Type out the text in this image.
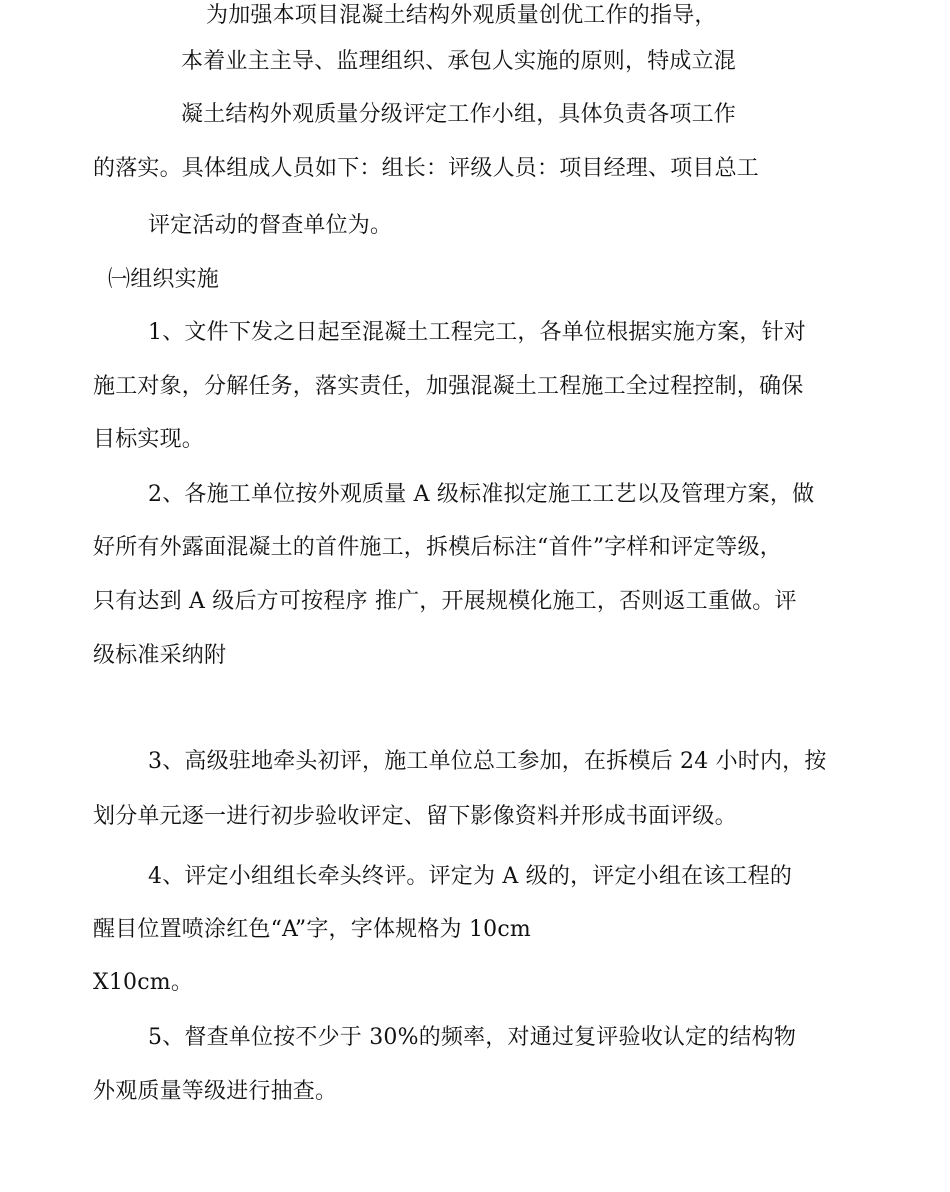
为加强本项目混凝土结构外观质量创优工作的指导，
本着业主主导、监理组织、承包人实施的原则，特成立混
凝土结构外观质量分级评定工作小组，具体负责各项工作
的落实。具体组成人员如下：组长：评级人员：项目经理、项目总工
评定活动的督查单位为。
㈠组织实施
1、文件下发之日起至混凝土工程完工，各单位根据实施方案，针对
施工对象，分解任务，落实责任，加强混凝土工程施工全过程控制，确保
目标实现。
2、各施工单位按外观质量 A 级标准拟定施工工艺以及管理方案，做
好所有外露面混凝土的首件施工，拆模后标注“首件”字样和评定等级，
只有达到 A 级后方可按程序 推广，开展规模化施工，否则返工重做。评
级标准采纳附
3、高级驻地牵头初评，施工单位总工参加，在拆模后 24 小时内，按
划分单元逐一进行初步验收评定、留下影像资料并形成书面评级。
4、评定小组组长牵头终评。评定为 A 级的，评定小组在该工程的
醒目位置喷涂红色“A”字，字体规格为 10cm
X10cm。
5、督查单位按不少于 30%的频率，对通过复评验收认定的结构物
外观质量等级进行抽查。
